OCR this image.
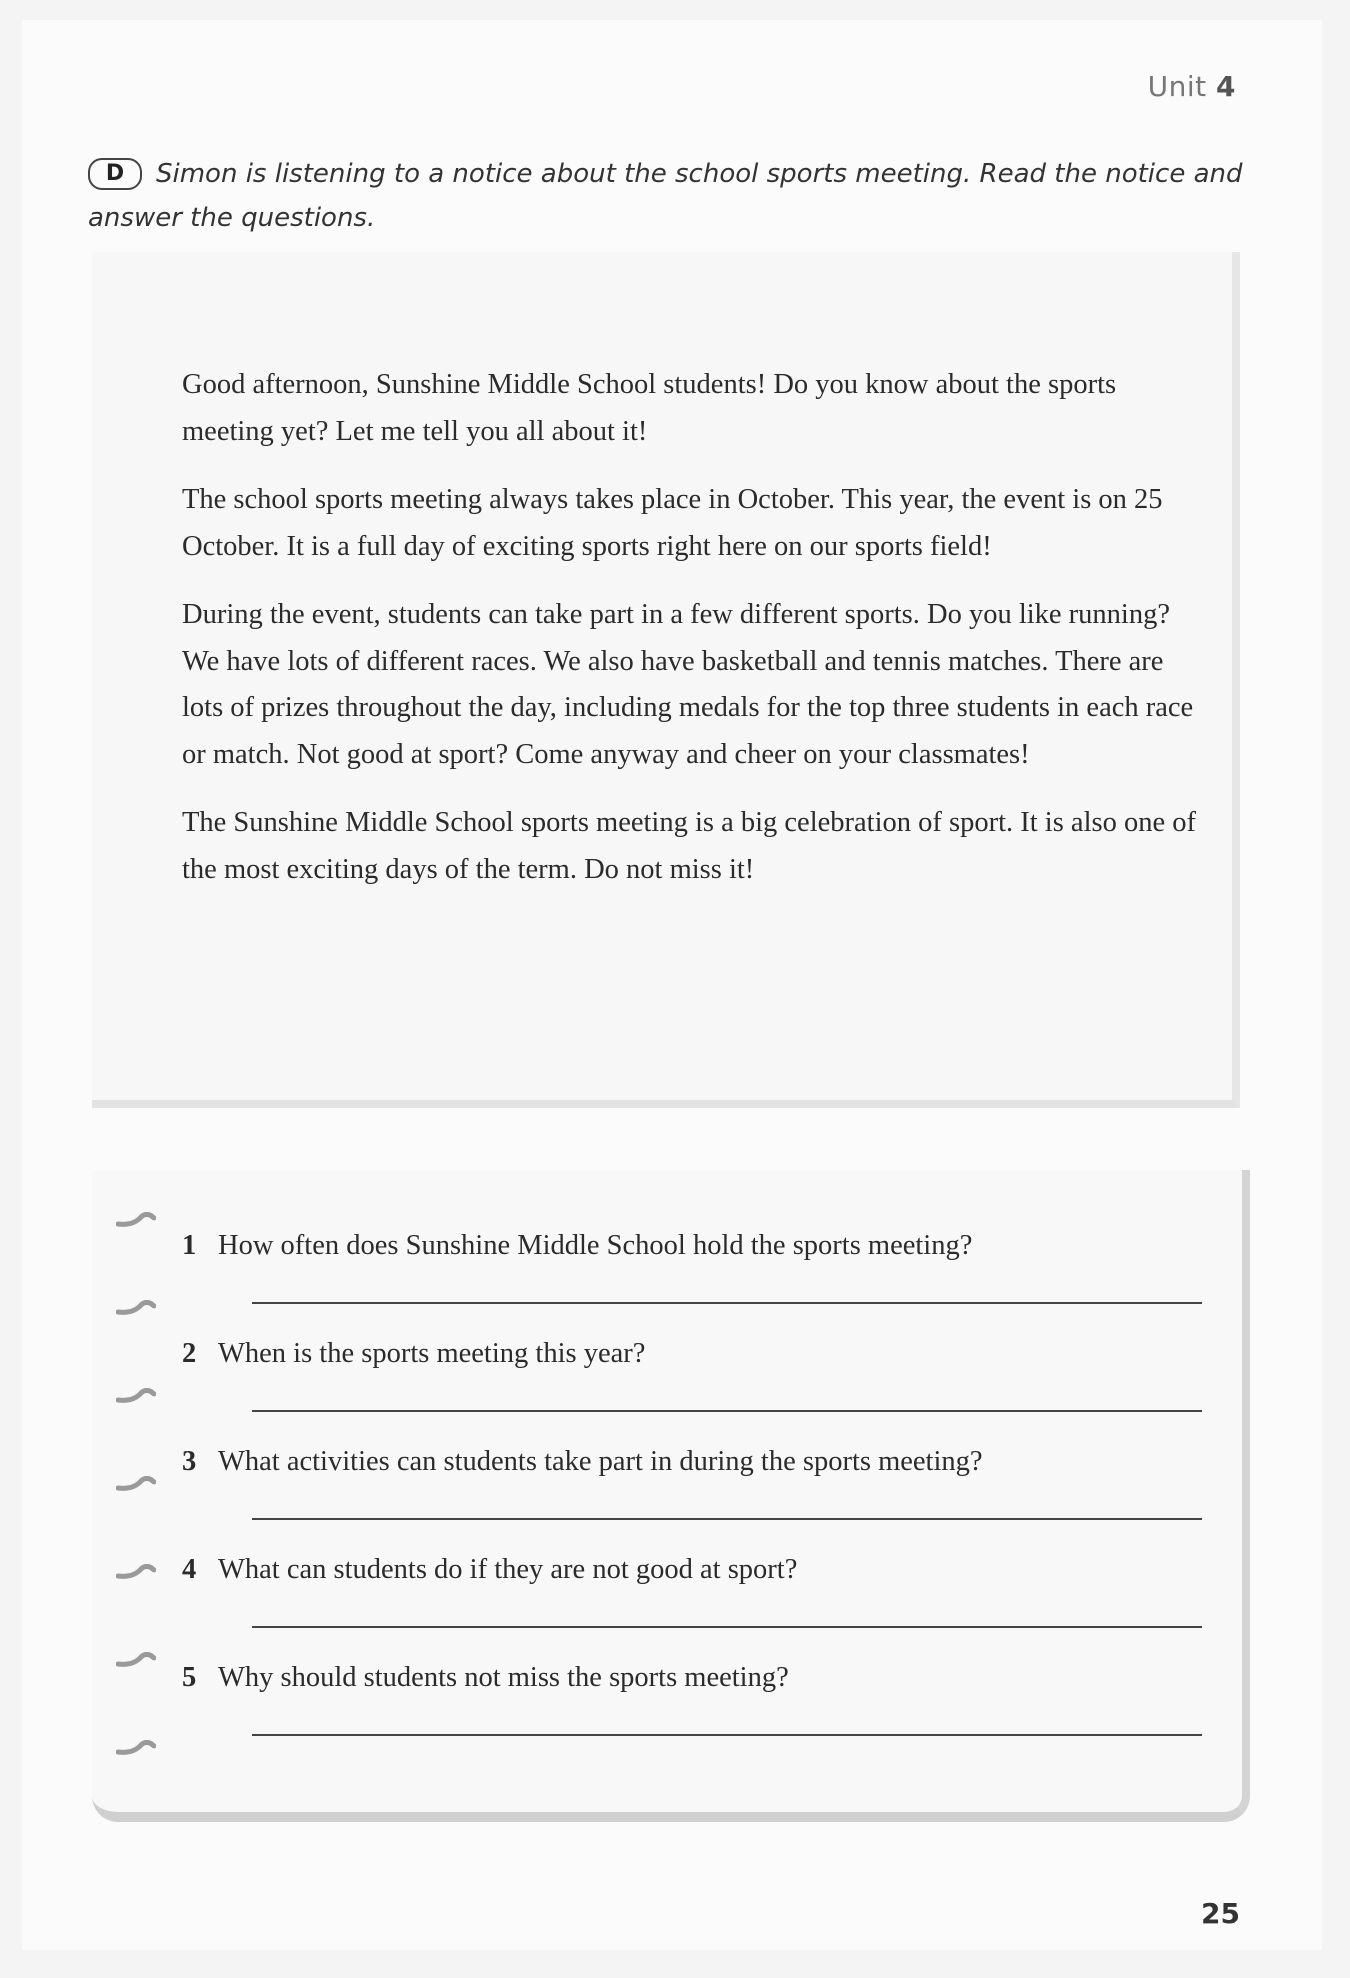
Unit 4
D Simon is listening to a notice about the school sports meeting. Read the notice and answer the questions.

Good afternoon, Sunshine Middle School students! Do you know about the sports meeting yet? Let me tell you all about it!

The school sports meeting always takes place in October. This year, the event is on 25 October. It is a full day of exciting sports right here on our sports field!

During the event, students can take part in a few different sports. Do you like running? We have lots of different races. We also have basketball and tennis matches. There are lots of prizes throughout the day, including medals for the top three students in each race or match. Not good at sport? Come anyway and cheer on your classmates!

The Sunshine Middle School sports meeting is a big celebration of sport. It is also one of the most exciting days of the term. Do not miss it!

1 How often does Sunshine Middle School hold the sports meeting?
2 When is the sports meeting this year?
3 What activities can students take part in during the sports meeting?
4 What can students do if they are not good at sport?
5 Why should students not miss the sports meeting?
25
